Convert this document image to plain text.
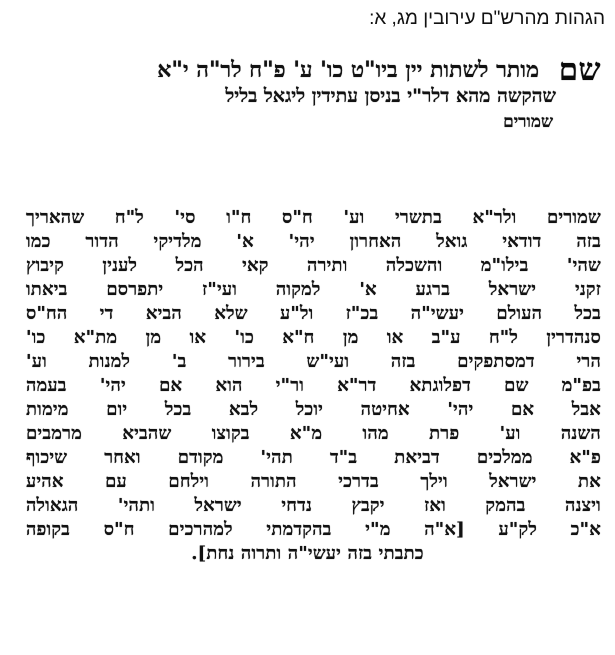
הגהות מהרש"ם עירובין מג, א:
שם
מותר לשתות יין ביו"ט כו' ע' פ"ח לר"ה י"א
שהקשה מהא דלר"י בניסן עתידין ליגאל בליל
שמורים
שמורים ולר"א בתשרי וע' ח"ס ח"ו סי' ל"ח שהאריך
בזה דודאי גואל האחרון יהי' א' מלדיקי הדור כמו
שהי' בילו"מ והשכלה ותירה קאי הכל לענין קיבוץ
זקני ישראל ברגע א' למקוה ועי"ז יתפרסם ביאתו
בכל העולם יעשי"ה בכ"ז ול"ע שלא הביא די הח"ס
סנהדרין ל"ח ע"ב או מן ח"א כו' או מן מת"א כו'
הרי דמסתפקים בזה ועי"ש בירור ב' למנות וע'
בפ"מ שם דפלוגתא דר"א ור"י הוא אם יהי' בעמה
אבל אם יהי' אחיטה יוכל לבא בכל יום מימות
השנה וע' פרת מהו מ"א בקוצו שהביא מרמבים
פ"א ממלכים דביאת ב"ד תהי' מקודם ואחר שיכוף
את ישראל וילך בדרכי התורה וילחם עם אהיע
ויצנה בהמק ואז יקבץ נדחי ישראל ותהי' הגאולה
א"כ לק"ע [א"ה מ"י בהקדמתי למהרכים ח"ס בקופה
כתבתי בזה יעשי"ה ותרוה נחת].
